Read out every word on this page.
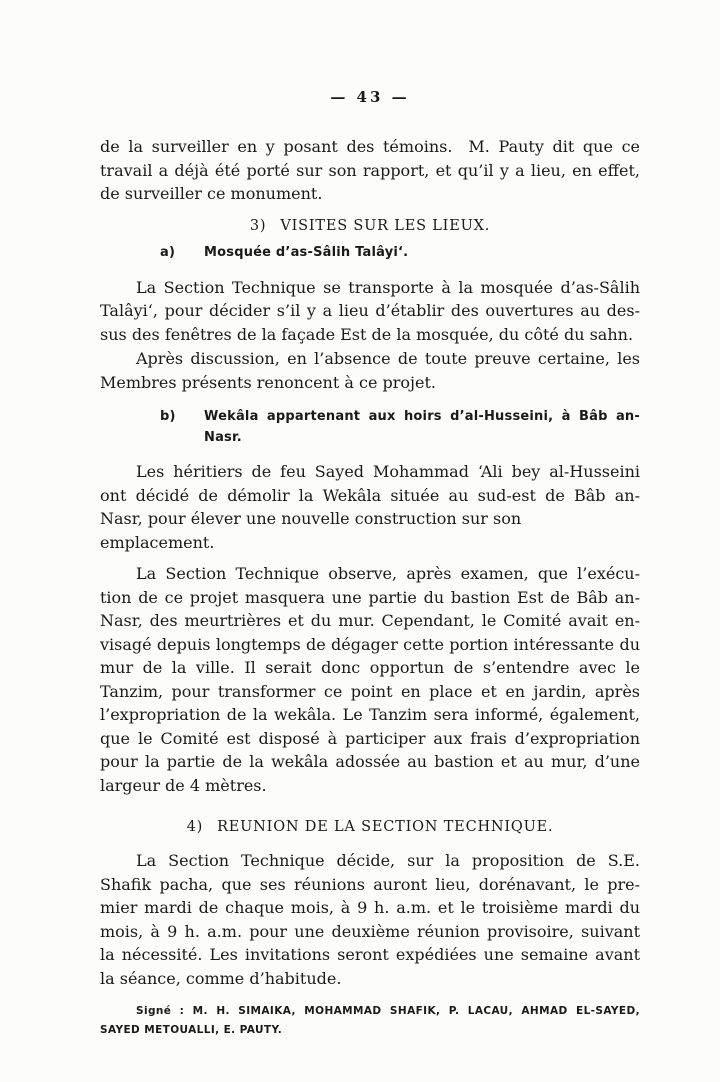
— 43 —
de la surveiller en y posant des témoins. M. Pauty dit que ce
travail a déjà été porté sur son rapport, et qu’il y a lieu, en effet,
de surveiller ce monument.
3) VISITES SUR LES LIEUX.
a)	Mosquée d’as-Sâlih Talâyi‘.
La Section Technique se transporte à la mosquée d’as-Sâlih
Talâyi‘, pour décider s’il y a lieu d’établir des ouvertures au des-
sus des fenêtres de la façade Est de la mosquée, du côté du sahn.
Après discussion, en l’absence de toute preuve certaine, les
Membres présents renoncent à ce projet.
b)	Wekâla appartenant aux hoirs d’al-Husseini, à Bâb an-
Nasr.
Les héritiers de feu Sayed Mohammad ‘Ali bey al-Husseini
ont décidé de démolir la Wekâla située au sud-est de Bâb an-
Nasr, pour élever une nouvelle construction sur son emplacement.
La Section Technique observe, après examen, que l’exécu-
tion de ce projet masquera une partie du bastion Est de Bâb an-
Nasr, des meurtrières et du mur. Cependant, le Comité avait en-
visagé depuis longtemps de dégager cette portion intéressante du
mur de la ville. Il serait donc opportun de s’entendre avec le
Tanzim, pour transformer ce point en place et en jardin, après
l’expropriation de la wekâla. Le Tanzim sera informé, également,
que le Comité est disposé à participer aux frais d’expropriation
pour la partie de la wekâla adossée au bastion et au mur, d’une
largeur de 4 mètres.
4) REUNION DE LA SECTION TECHNIQUE.
La Section Technique décide, sur la proposition de S.E.
Shafik pacha, que ses réunions auront lieu, dorénavant, le pre-
mier mardi de chaque mois, à 9 h. a.m. et le troisième mardi du
mois, à 9 h. a.m. pour une deuxième réunion provisoire, suivant
la nécessité. Les invitations seront expédiées une semaine avant
la séance, comme d’habitude.
Signé : M. H. SIMAIKA, MOHAMMAD SHAFIK, P. LACAU, AHMAD EL-SAYED,
SAYED METOUALLI, E. PAUTY.
